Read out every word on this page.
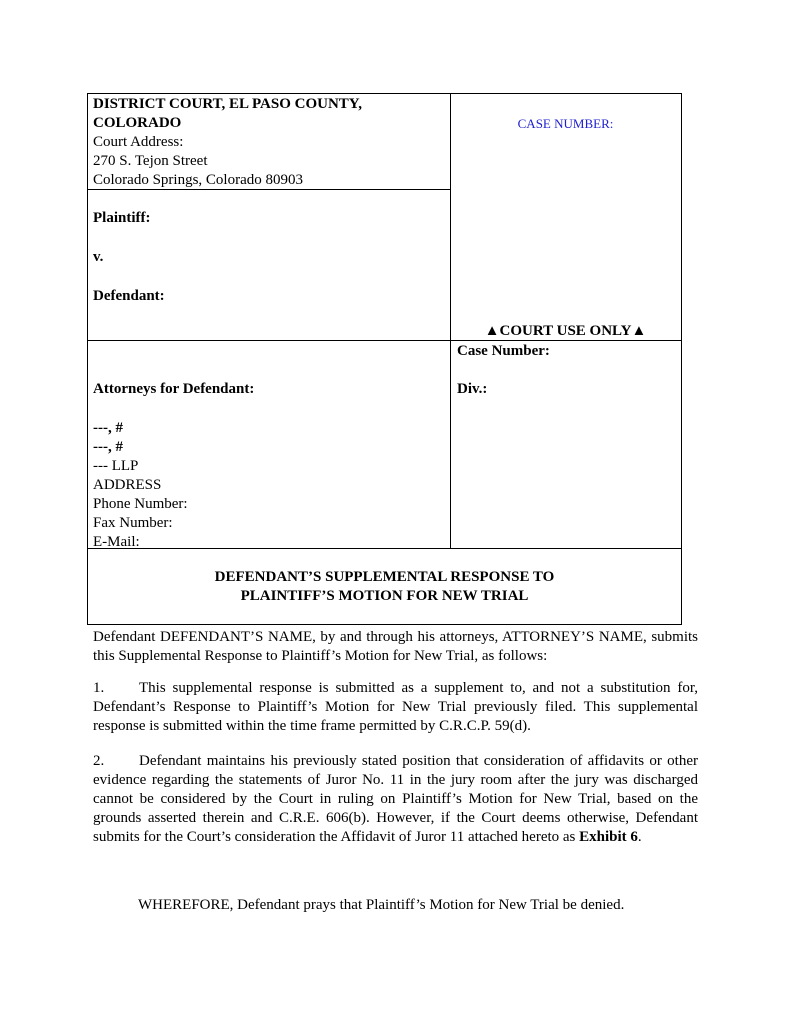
DISTRICT COURT, EL PASO COUNTY,
COLORADO
Court Address:
270 S. Tejon Street
Colorado Springs, Colorado 80903
CASE NUMBER:
Plaintiff:
v.
Defendant:
▲COURT USE ONLY▲
Attorneys for Defendant:
---, #
---, #
--- LLP
ADDRESS
Phone Number:
Fax Number:
E-Mail:
Case Number:
Div.:
DEFENDANT’S SUPPLEMENTAL RESPONSE TO
PLAINTIFF’S MOTION FOR NEW TRIAL
Defendant DEFENDANT’S NAME, by and through his attorneys, ATTORNEY’S NAME, submits this Supplemental Response to Plaintiff’s Motion for New Trial, as follows:
1. This supplemental response is submitted as a supplement to, and not a substitution for, Defendant’s Response to Plaintiff’s Motion for New Trial previously filed. This supplemental response is submitted within the time frame permitted by C.R.C.P. 59(d).
2. Defendant maintains his previously stated position that consideration of affidavits or other evidence regarding the statements of Juror No. 11 in the jury room after the jury was discharged cannot be considered by the Court in ruling on Plaintiff’s Motion for New Trial, based on the grounds asserted therein and C.R.E. 606(b). However, if the Court deems otherwise, Defendant submits for the Court’s consideration the Affidavit of Juror 11 attached hereto as Exhibit 6.
WHEREFORE, Defendant prays that Plaintiff’s Motion for New Trial be denied.
